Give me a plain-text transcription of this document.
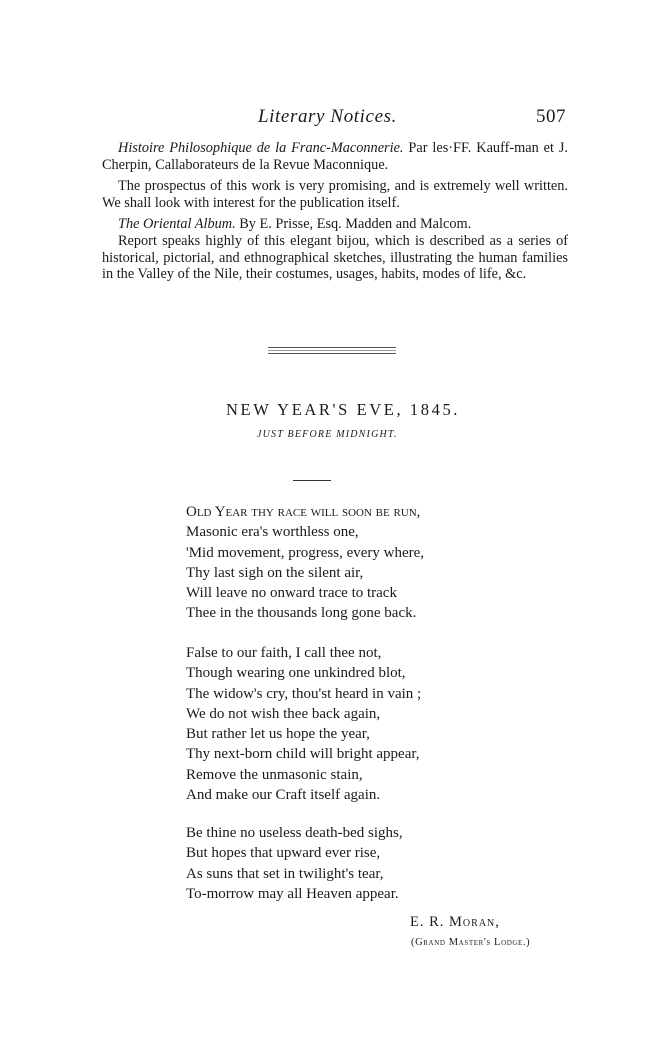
Literary Notices.	507

Histoire Philosophique de la Franc-Maconnerie. Par les·FF. Kauff-man et J. Cherpin, Callaborateurs de la Revue Maconnique.

The prospectus of this work is very promising, and is extremely well written. We shall look with interest for the publication itself.

The Oriental Album. By E. Prisse, Esq. Madden and Malcom.

Report speaks highly of this elegant bijou, which is described as a series of historical, pictorial, and ethnographical sketches, illustrating the human families in the Valley of the Nile, their costumes, usages, habits, modes of life, &c.

NEW YEAR'S EVE, 1845.
JUST BEFORE MIDNIGHT.
Old Year thy race will soon be run,
Masonic era's worthless one,
'Mid movement, progress, every where,
Thy last sigh on the silent air,
Will leave no onward trace to track
Thee in the thousands long gone back.
False to our faith, I call thee not,
Though wearing one unkindred blot,
The widow's cry, thou'st heard in vain ;
We do not wish thee back again,
But rather let us hope the year,
Thy next-born child will bright appear,
Remove the unmasonic stain,
And make our Craft itself again.
Be thine no useless death-bed sighs,
But hopes that upward ever rise,
As suns that set in twilight's tear,
To-morrow may all Heaven appear.
E. R. Moran,
(Grand Master's Lodge.)
